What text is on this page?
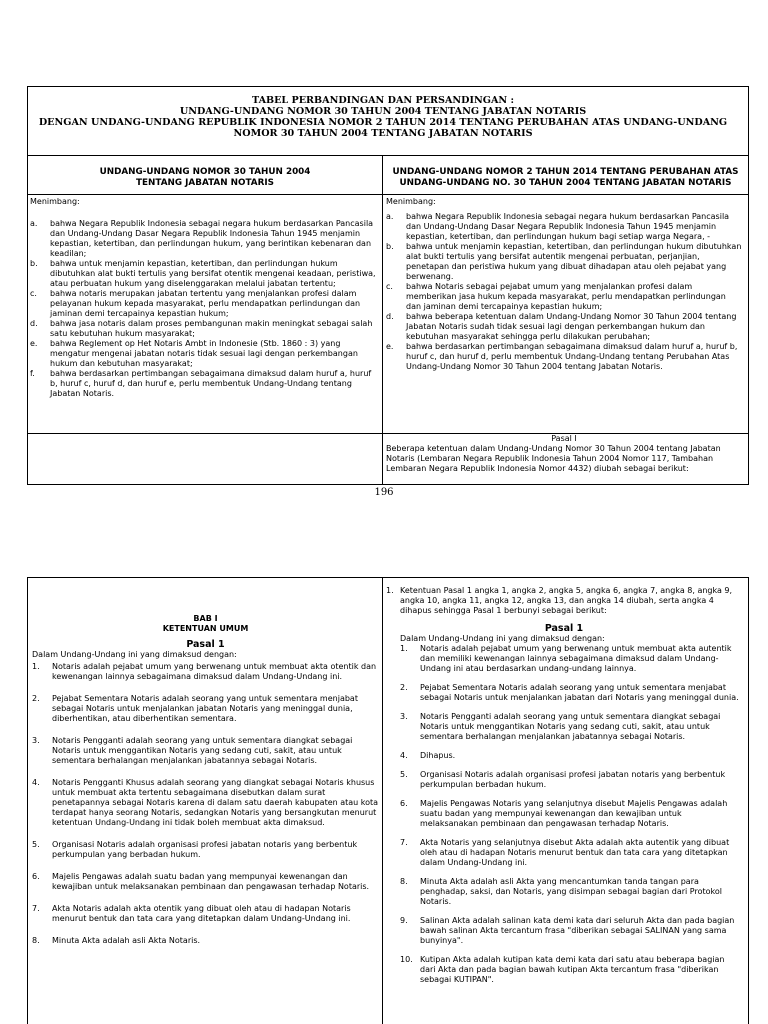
TABEL PERBANDINGAN DAN PERSANDINGAN :
UNDANG-UNDANG NOMOR 30 TAHUN 2004 TENTANG JABATAN NOTARIS
DENGAN UNDANG-UNDANG REPUBLIK INDONESIA NOMOR 2 TAHUN 2014 TENTANG PERUBAHAN ATAS UNDANG-UNDANG
NOMOR 30 TAHUN 2004 TENTANG JABATAN NOTARIS
UNDANG-UNDANG NOMOR 30 TAHUN 2004
TENTANG JABATAN NOTARIS
UNDANG-UNDANG NOMOR 2 TAHUN 2014 TENTANG PERUBAHAN ATAS
UNDANG-UNDANG NO. 30 TAHUN 2004 TENTANG JABATAN NOTARIS
Menimbang:
a. bahwa Negara Republik Indonesia sebagai negara hukum berdasarkan Pancasila dan Undang-Undang Dasar Negara Republik Indonesia Tahun 1945 menjamin kepastian, ketertiban, dan perlindungan hukum, yang berintikan kebenaran dan keadilan;
b. bahwa untuk menjamin kepastian, ketertiban, dan perlindungan hukum dibutuhkan alat bukti tertulis yang bersifat otentik mengenai keadaan, peristiwa, atau perbuatan hukum yang diselenggarakan melalui jabatan tertentu;
c. bahwa notaris merupakan jabatan tertentu yang menjalankan profesi dalam pelayanan hukum kepada masyarakat, perlu mendapatkan perlindungan dan jaminan demi tercapainya kepastian hukum;
d. bahwa jasa notaris dalam proses pembangunan makin meningkat sebagai salah satu kebutuhan hukum masyarakat;
e. bahwa Reglement op Het Notaris Ambt in Indonesie (Stb. 1860 : 3) yang mengatur mengenai jabatan notaris tidak sesuai lagi dengan perkembangan hukum dan kebutuhan masyarakat;
f. bahwa berdasarkan pertimbangan sebagaimana dimaksud dalam huruf a, huruf b, huruf c, huruf d, dan huruf e, perlu membentuk Undang-Undang tentang Jabatan Notaris.
Menimbang:
a. bahwa Negara Republik Indonesia sebagai negara hukum berdasarkan Pancasila dan Undang-Undang Dasar Negara Republik Indonesia Tahun 1945 menjamin kepastian, ketertiban, dan perlindungan hukum bagi setiap warga Negara, -
b. bahwa untuk menjamin kepastian, ketertiban, dan perlindungan hukum dibutuhkan alat bukti tertulis yang bersifat autentik mengenai perbuatan, perjanjian, penetapan dan peristiwa hukum yang dibuat dihadapan atau oleh pejabat yang berwenang.
c. bahwa Notaris sebagai pejabat umum yang menjalankan profesi dalam memberikan jasa hukum kepada masyarakat, perlu mendapatkan perlindungan dan jaminan demi tercapainya kepastian hukum;
d. bahwa beberapa ketentuan dalam Undang-Undang Nomor 30 Tahun 2004 tentang Jabatan Notaris sudah tidak sesuai lagi dengan perkembangan hukum dan kebutuhan masyarakat sehingga perlu dilakukan perubahan;
e. bahwa berdasarkan pertimbangan sebagaimana dimaksud dalam huruf a, huruf b, huruf c, dan huruf d, perlu membentuk Undang-Undang tentang Perubahan Atas Undang-Undang Nomor 30 Tahun 2004 tentang Jabatan Notaris.
Pasal I
Beberapa ketentuan dalam Undang-Undang Nomor 30 Tahun 2004 tentang Jabatan Notaris (Lembaran Negara Republik Indonesia Tahun 2004 Nomor 117, Tambahan Lembaran Negara Republik Indonesia Nomor 4432) diubah sebagai berikut:
196
BAB I
KETENTUAN UMUM
Pasal 1
Dalam Undang-Undang ini yang dimaksud dengan:
1. Notaris adalah pejabat umum yang berwenang untuk membuat akta otentik dan kewenangan lainnya sebagaimana dimaksud dalam Undang-Undang ini.
2. Pejabat Sementara Notaris adalah seorang yang untuk sementara menjabat sebagai Notaris untuk menjalankan jabatan Notaris yang meninggal dunia, diberhentikan, atau diberhentikan sementara.
3. Notaris Pengganti adalah seorang yang untuk sementara diangkat sebagai Notaris untuk menggantikan Notaris yang sedang cuti, sakit, atau untuk sementara berhalangan menjalankan jabatannya sebagai Notaris.
4. Notaris Pengganti Khusus adalah seorang yang diangkat sebagai Notaris khusus untuk membuat akta tertentu sebagaimana disebutkan dalam surat penetapannya sebagai Notaris karena di dalam satu daerah kabupaten atau kota terdapat hanya seorang Notaris, sedangkan Notaris yang bersangkutan menurut ketentuan Undang-Undang ini tidak boleh membuat akta dimaksud.
5. Organisasi Notaris adalah organisasi profesi jabatan notaris yang berbentuk perkumpulan yang berbadan hukum.
6. Majelis Pengawas adalah suatu badan yang mempunyai kewenangan dan kewajiban untuk melaksanakan pembinaan dan pengawasan terhadap Notaris.
7. Akta Notaris adalah akta otentik yang dibuat oleh atau di hadapan Notaris menurut bentuk dan tata cara yang ditetapkan dalam Undang-Undang ini.
8. Minuta Akta adalah asli Akta Notaris.
1. Ketentuan Pasal 1 angka 1, angka 2, angka 5, angka 6, angka 7, angka 8, angka 9, angka 10, angka 11, angka 12, angka 13, dan angka 14 diubah, serta angka 4 dihapus sehingga Pasal 1 berbunyi sebagai berikut:
Pasal 1
Dalam Undang-Undang ini yang dimaksud dengan:
1. Notaris adalah pejabat umum yang berwenang untuk membuat akta autentik dan memiliki kewenangan lainnya sebagaimana dimaksud dalam Undang-Undang ini atau berdasarkan undang-undang lainnya.
2. Pejabat Sementara Notaris adalah seorang yang untuk sementara menjabat sebagai Notaris untuk menjalankan jabatan dari Notaris yang meninggal dunia.
3. Notaris Pengganti adalah seorang yang untuk sementara diangkat sebagai Notaris untuk menggantikan Notaris yang sedang cuti, sakit, atau untuk sementara berhalangan menjalankan jabatannya sebagai Notaris.
4. Dihapus.
5. Organisasi Notaris adalah organisasi profesi jabatan notaris yang berbentuk perkumpulan berbadan hukum.
6. Majelis Pengawas Notaris yang selanjutnya disebut Majelis Pengawas adalah suatu badan yang mempunyai kewenangan dan kewajiban untuk melaksanakan pembinaan dan pengawasan terhadap Notaris.
7. Akta Notaris yang selanjutnya disebut Akta adalah akta autentik yang dibuat oleh atau di hadapan Notaris menurut bentuk dan tata cara yang ditetapkan dalam Undang-Undang ini.
8. Minuta Akta adalah asli Akta yang mencantumkan tanda tangan para penghadap, saksi, dan Notaris, yang disimpan sebagai bagian dari Protokol Notaris.
9. Salinan Akta adalah salinan kata demi kata dari seluruh Akta dan pada bagian bawah salinan Akta tercantum frasa "diberikan sebagai SALINAN yang sama bunyinya".
10. Kutipan Akta adalah kutipan kata demi kata dari satu atau beberapa bagian dari Akta dan pada bagian bawah kutipan Akta tercantum frasa "diberikan sebagai KUTIPAN".
